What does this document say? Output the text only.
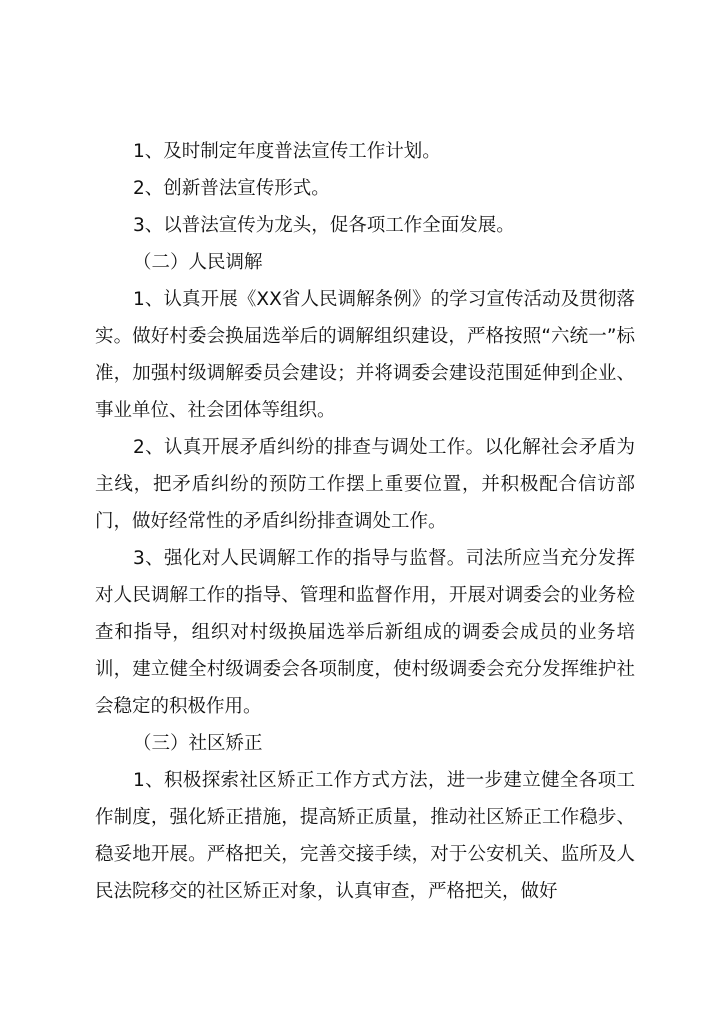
1、及时制定年度普法宣传工作计划。

2、创新普法宣传形式。

3、以普法宣传为龙头，促各项工作全面发展。

（二）人民调解

1、认真开展《XX省人民调解条例》的学习宣传活动及贯彻落实。做好村委会换届选举后的调解组织建设，严格按照“六统一”标准，加强村级调解委员会建设；并将调委会建设范围延伸到企业、事业单位、社会团体等组织。

2、认真开展矛盾纠纷的排查与调处工作。以化解社会矛盾为主线，把矛盾纠纷的预防工作摆上重要位置，并积极配合信访部门，做好经常性的矛盾纠纷排查调处工作。

3、强化对人民调解工作的指导与监督。司法所应当充分发挥对人民调解工作的指导、管理和监督作用，开展对调委会的业务检查和指导，组织对村级换届选举后新组成的调委会成员的业务培训，建立健全村级调委会各项制度，使村级调委会充分发挥维护社会稳定的积极作用。

（三）社区矫正

1、积极探索社区矫正工作方式方法，进一步建立健全各项工作制度，强化矫正措施，提高矫正质量，推动社区矫正工作稳步、稳妥地开展。严格把关，完善交接手续，对于公安机关、监所及人民法院移交的社区矫正对象，认真审查，严格把关，做好
